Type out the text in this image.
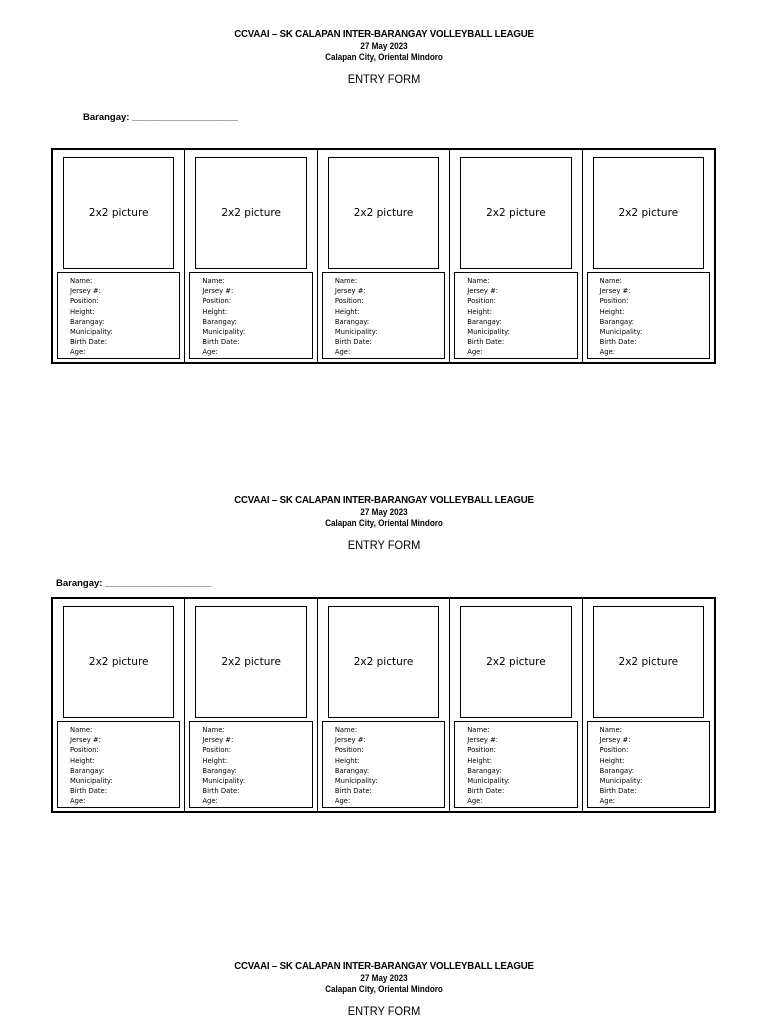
CCVAAI – SK CALAPAN INTER-BARANGAY VOLLEYBALL LEAGUE
27 May 2023
Calapan City, Oriental Mindoro
ENTRY FORM
Barangay: ____________________
2x2 picture
Name:
Jersey #:
Position:
Height:
Barangay:
Municipality:
Birth Date:
Age:
2x2 picture
Name:
Jersey #:
Position:
Height:
Barangay:
Municipality:
Birth Date:
Age:
2x2 picture
Name:
Jersey #:
Position:
Height:
Barangay:
Municipality:
Birth Date:
Age:
2x2 picture
Name:
Jersey #:
Position:
Height:
Barangay:
Municipality:
Birth Date:
Age:
2x2 picture
Name:
Jersey #:
Position:
Height:
Barangay:
Municipality:
Birth Date:
Age:
CCVAAI – SK CALAPAN INTER-BARANGAY VOLLEYBALL LEAGUE
27 May 2023
Calapan City, Oriental Mindoro
ENTRY FORM
Barangay: ____________________
2x2 picture
Name:
Jersey #:
Position:
Height:
Barangay:
Municipality:
Birth Date:
Age:
2x2 picture
Name:
Jersey #:
Position:
Height:
Barangay:
Municipality:
Birth Date:
Age:
2x2 picture
Name:
Jersey #:
Position:
Height:
Barangay:
Municipality:
Birth Date:
Age:
2x2 picture
Name:
Jersey #:
Position:
Height:
Barangay:
Municipality:
Birth Date:
Age:
2x2 picture
Name:
Jersey #:
Position:
Height:
Barangay:
Municipality:
Birth Date:
Age:
CCVAAI – SK CALAPAN INTER-BARANGAY VOLLEYBALL LEAGUE
27 May 2023
Calapan City, Oriental Mindoro
ENTRY FORM
